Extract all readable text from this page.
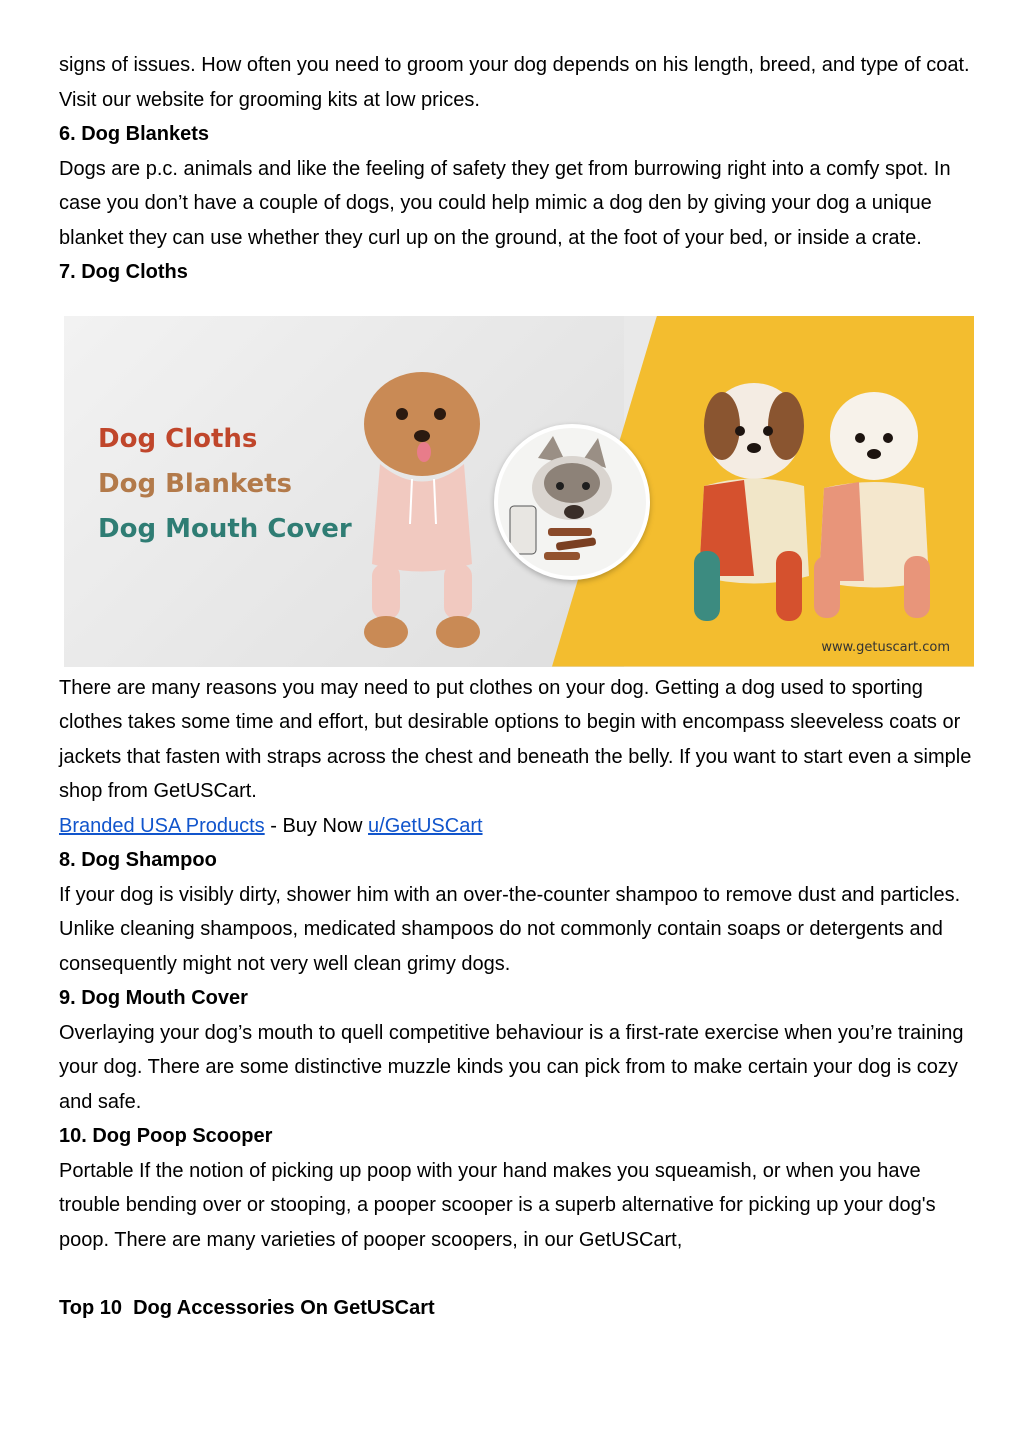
signs of issues. How often you need to groom your dog depends on his length, breed, and type of coat. Visit our website for grooming kits at low prices.

6. Dog Blankets

Dogs are p.c. animals and like the feeling of safety they get from burrowing right into a comfy spot. In case you don’t have a couple of dogs, you could help mimic a dog den by giving your dog a unique blanket they can use whether they curl up on the ground, at the foot of your bed, or inside a crate.

7. Dog Cloths
Dog Cloths
Dog Blankets
Dog Mouth Cover
www.getuscart.com

There are many reasons you may need to put clothes on your dog. Getting a dog used to sporting clothes takes some time and effort, but desirable options to begin with encompass sleeveless coats or jackets that fasten with straps across the chest and beneath the belly. If you want to start even a simple shop from GetUSCart.

Branded USA Products - Buy Now u/GetUSCart

8. Dog Shampoo

If your dog is visibly dirty, shower him with an over-the-counter shampoo to remove dust and particles. Unlike cleaning shampoos, medicated shampoos do not commonly contain soaps or detergents and consequently might not very well clean grimy dogs.

9. Dog Mouth Cover

Overlaying your dog’s mouth to quell competitive behaviour is a first-rate exercise when you’re training your dog. There are some distinctive muzzle kinds you can pick from to make certain your dog is cozy and safe.

10. Dog Poop Scooper

Portable If the notion of picking up poop with your hand makes you squeamish, or when you have trouble bending over or stooping, a pooper scooper is a superb alternative for picking up your dog's poop. There are many varieties of pooper scoopers, in our GetUSCart,

Top 10  Dog Accessories On GetUSCart
